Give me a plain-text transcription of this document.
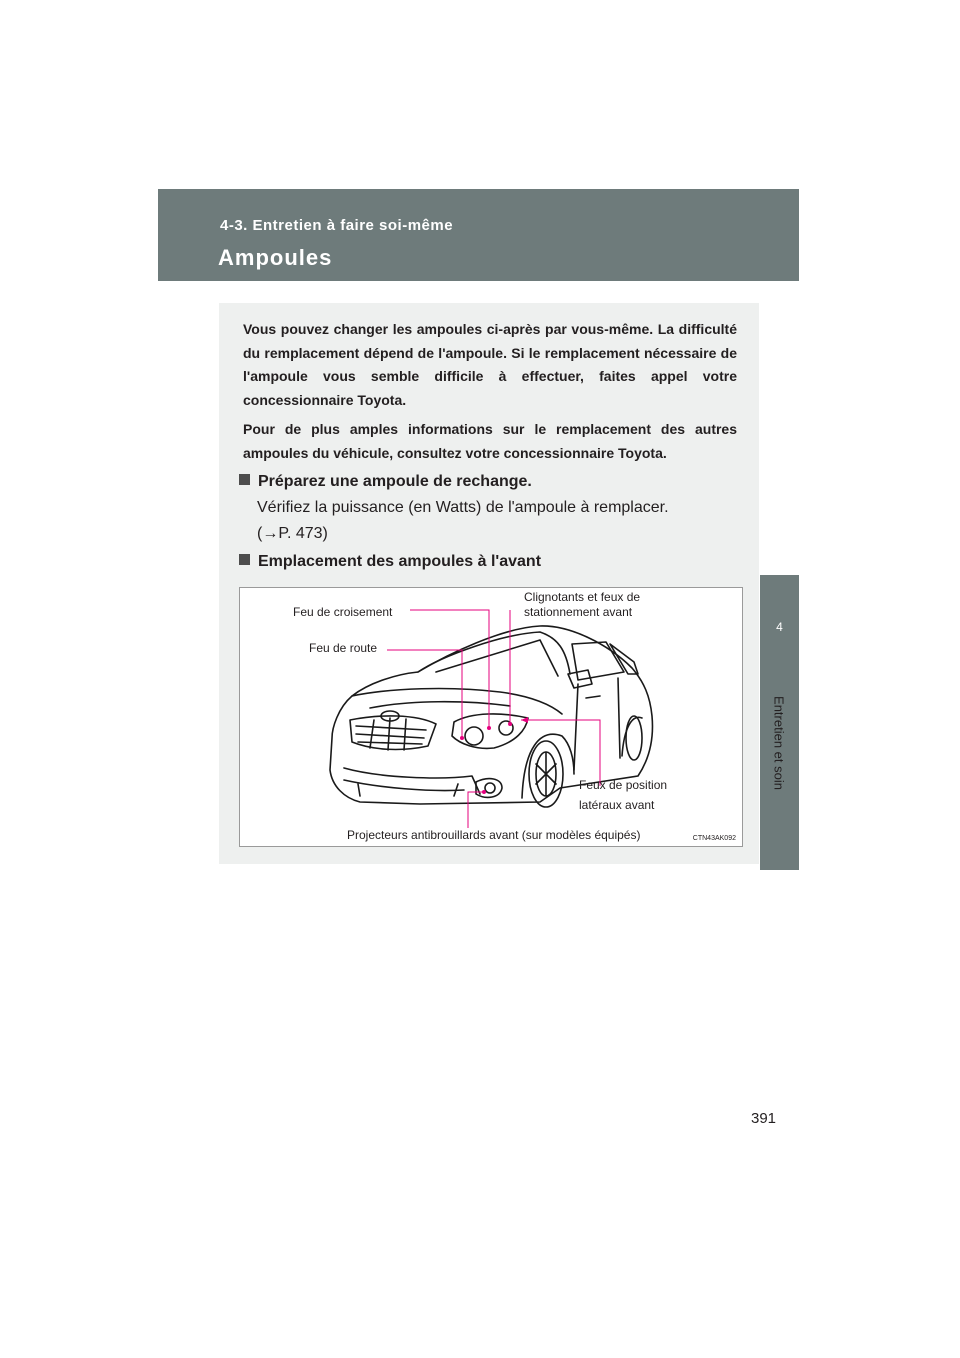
4-3. Entretien à faire soi-même
Ampoules
4
Entretien et soin

Vous pouvez changer les ampoules ci-après par vous-même. La difficulté du remplacement dépend de l'ampoule. Si le remplacement nécessaire de l'ampoule vous semble difficile à effectuer, faites appel votre concessionnaire Toyota.

Pour de plus amples informations sur le remplacement des autres ampoules du véhicule, consultez votre concessionnaire Toyota.

Préparez une ampoule de rechange.
Vérifiez la puissance (en Watts) de l'ampoule à remplacer.
(→P. 473)
Emplacement des ampoules à l'avant
Feu de croisement
Feu de route
Clignotants et feux de
stationnement avant
Feux de position
latéraux avant
Projecteurs antibrouillards avant (sur modèles équipés)	CTN43AK092
391
